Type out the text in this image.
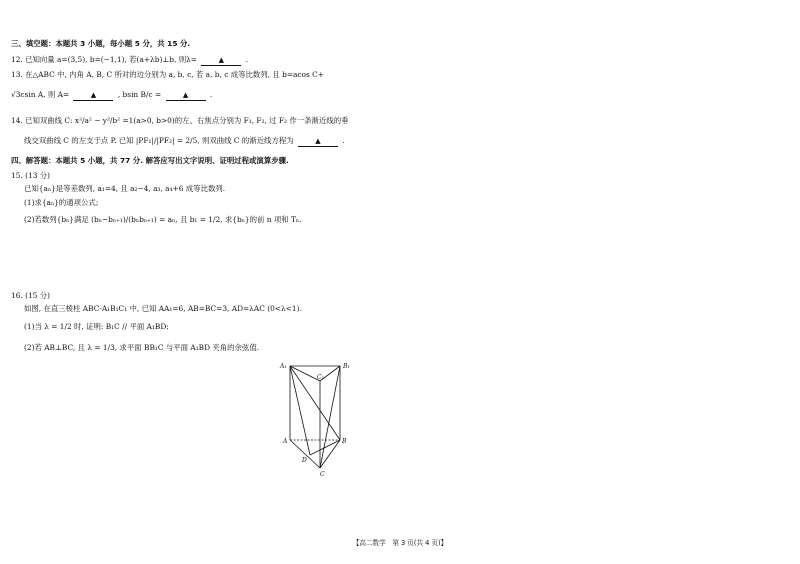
三、填空题：本题共 3 小题，每小题 5 分，共 15 分.
12. 已知向量 a=(3,5), b=(−1,1), 若(a+λb)⊥b, 则λ=	▲	.
13. 在△ABC 中, 内角 A, B, C 所对的边分别为 a, b, c, 若 a, b, c 成等比数列, 且 b=acos C+
√3csin A, 则 A=	▲	, bsin B/c =	▲	.
14. 已知双曲线 C: x²/a² − y²/b² =1(a>0, b>0)的左、右焦点分别为 F₁, F₂, 过 F₂ 作一条渐近线的垂
线交双曲线 C 的左支于点 P. 已知 |PF₁|/|PF₂| = 2/5, 则双曲线 C 的渐近线方程为	▲	.
四、解答题：本题共 5 小题，共 77 分. 解答应写出文字说明、证明过程或演算步骤.
15. (13 分)
已知{aₙ}是等差数列, a₁=4, 且 a₂−4, a₃, a₄+6 成等比数列.
(1)求{aₙ}的通项公式;
(2)若数列{bₙ}满足 (bₙ−bₙ₊₁)/(bₙbₙ₊₁) = aₙ, 且 b₁ = 1/2, 求{bₙ}的前 n 项和 Tₙ.
16. (15 分)
如图, 在直三棱柱 ABC-A₁B₁C₁ 中, 已知 AA₁=6, AB=BC=3, AD=λAC (0<λ<1).
(1)当 λ = 1/2 时, 证明: B₁C // 平面 A₁BD;
(2)若 AB⊥BC, 且 λ = 1/3, 求平面 BB₁C 与平面 A₁BD 夹角的余弦值.
A₁	B₁
C₁
A	B
D
C
【高二数学　第 3 页(共 4 页)】
